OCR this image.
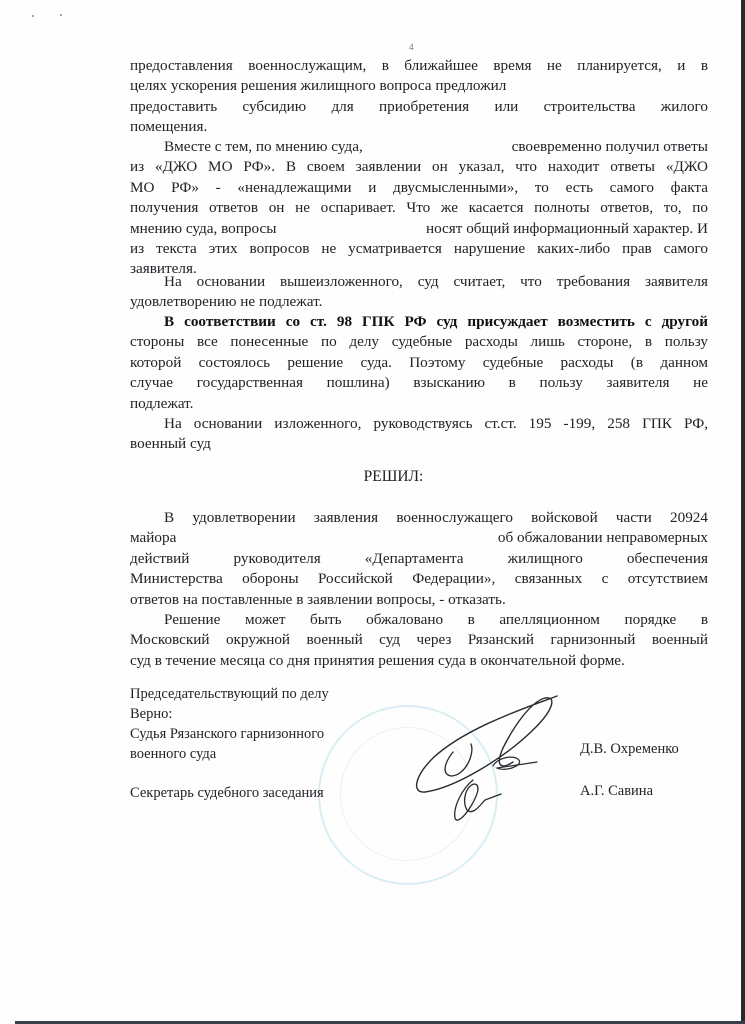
4
предоставления военнослужащим, в ближайшее время не планируется, и в
целях ускорения решения жилищного вопроса предложил
предоставить субсидию для приобретения или строительства жилого
помещения.
Вместе с тем, по мнению суда,	своевременно получил ответы
из «ДЖО МО РФ». В своем заявлении он указал, что находит ответы «ДЖО
МО РФ» - «ненадлежащими и двусмысленными», то есть самого факта
получения ответов он не оспаривает. Что же касается полноты ответов, то, по
мнению суда, вопросы	носят общий информационный характер. И
из текста этих вопросов не усматривается нарушение каких-либо прав самого
заявителя.
На основании вышеизложенного, суд считает, что требования заявителя
удовлетворению не подлежат.
В соответствии со ст. 98 ГПК РФ суд присуждает возместить с другой
стороны все понесенные по делу судебные расходы лишь стороне, в пользу
которой состоялось решение суда. Поэтому судебные расходы (в данном
случае государственная пошлина) взысканию в пользу заявителя не
подлежат.
На основании изложенного, руководствуясь ст.ст. 195 -199, 258 ГПК РФ,
военный суд
РЕШИЛ:
В удовлетворении заявления военнослужащего войсковой части 20924
майора	об обжаловании неправомерных
действий руководителя «Департамента жилищного обеспечения
Министерства обороны Российской Федерации», связанных с отсутствием
ответов на поставленные в заявлении вопросы, - отказать.
Решение может быть обжаловано в апелляционном порядке в
Московский окружной военный суд через Рязанский гарнизонный военный
суд в течение месяца со дня принятия решения суда в окончательной форме.
Председательствующий по делу
Верно:
Судья Рязанского гарнизонного
военного суда	Д.В. Охременко
Секретарь судебного заседания	А.Г. Савина
